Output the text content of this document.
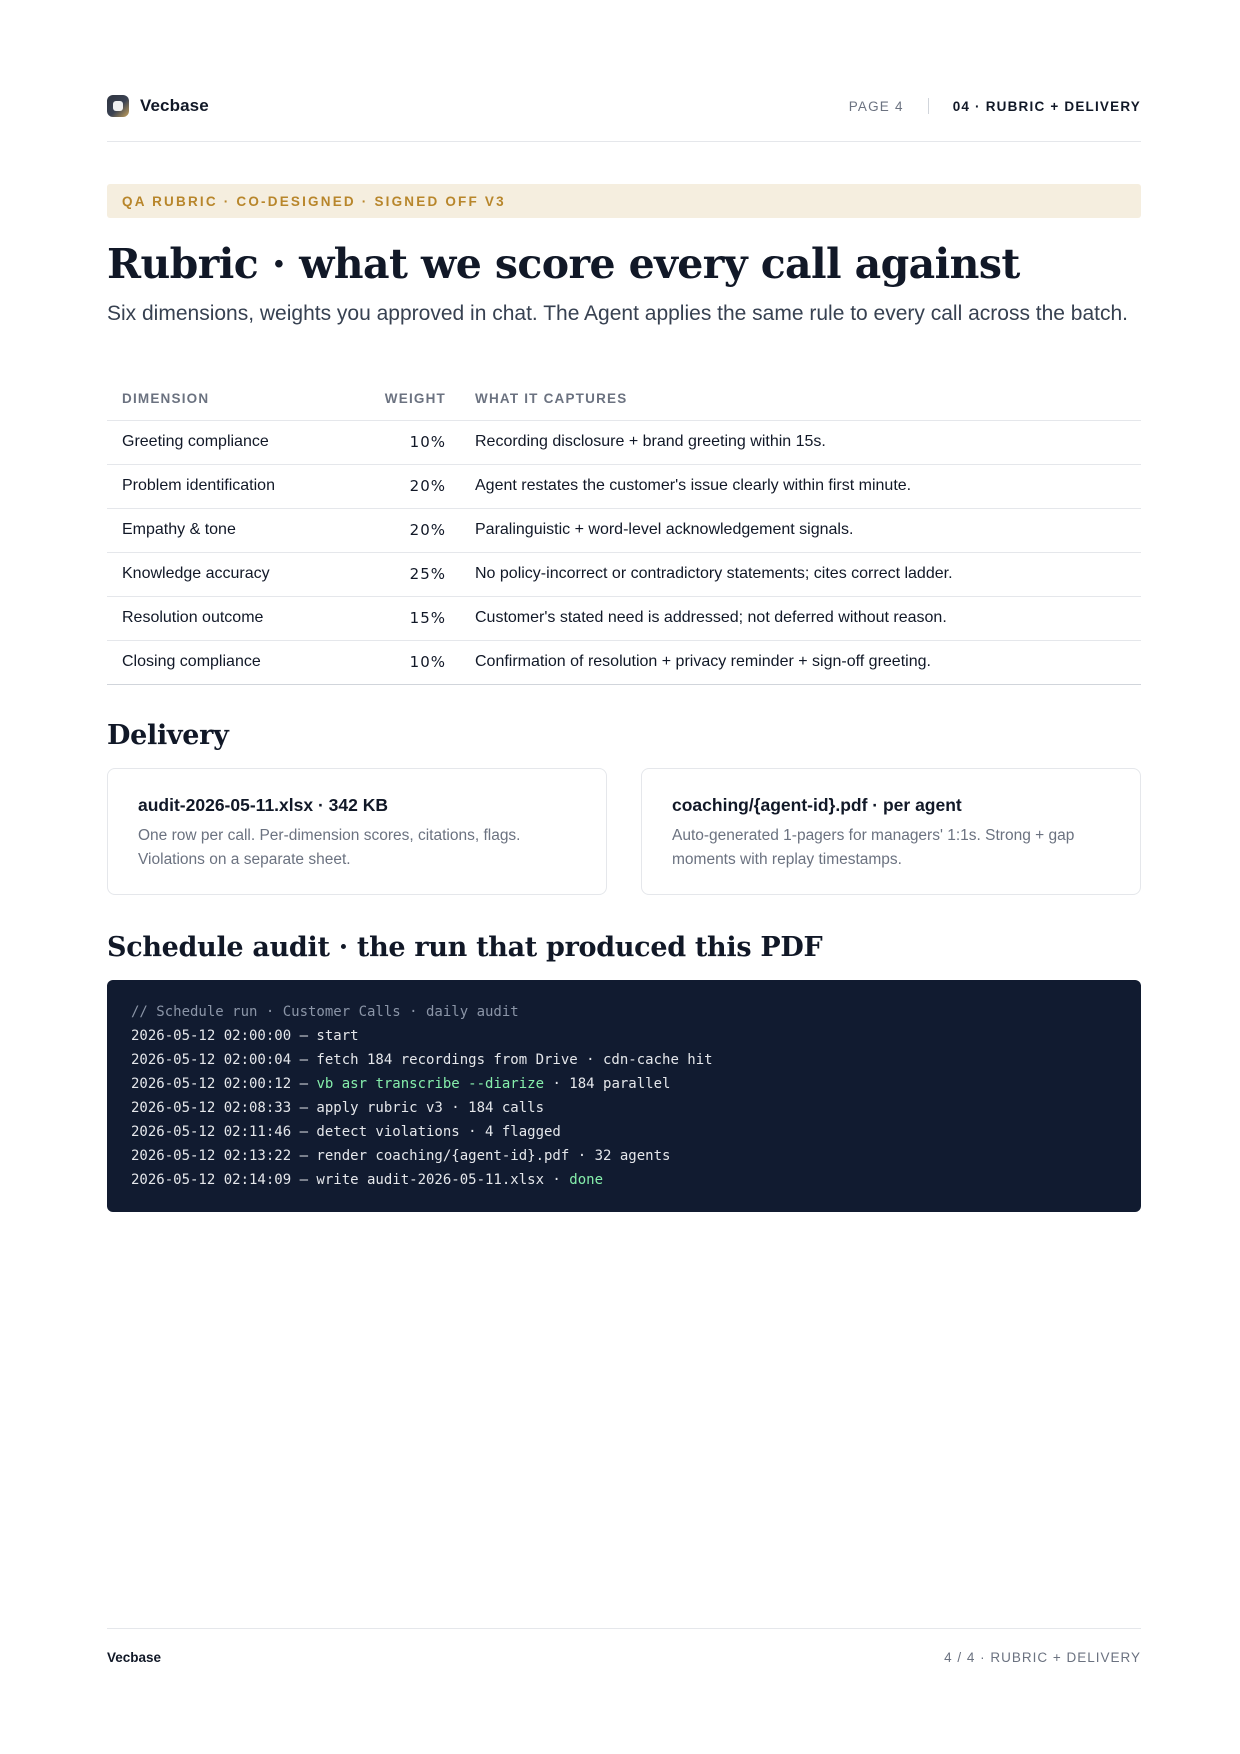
Vecbase	PAGE 4	04 · RUBRIC + DELIVERY
QA RUBRIC · CO-DESIGNED · SIGNED OFF V3
Rubric · what we score every call against

Six dimensions, weights you approved in chat. The Agent applies the same rule to every call across the batch.

DIMENSION	WEIGHT	WHAT IT CAPTURES
Greeting compliance	10%	Recording disclosure + brand greeting within 15s.
Problem identification	20%	Agent restates the customer's issue clearly within first minute.
Empathy & tone	20%	Paralinguistic + word-level acknowledgement signals.
Knowledge accuracy	25%	No policy-incorrect or contradictory statements; cites correct ladder.
Resolution outcome	15%	Customer's stated need is addressed; not deferred without reason.
Closing compliance	10%	Confirmation of resolution + privacy reminder + sign-off greeting.
Delivery
audit-2026-05-11.xlsx · 342 KB
One row per call. Per-dimension scores, citations, flags. Violations on a separate sheet.
coaching/{agent-id}.pdf · per agent
Auto-generated 1-pagers for managers' 1:1s. Strong + gap moments with replay timestamps.
Schedule audit · the run that produced this PDF
// Schedule run · Customer Calls · daily audit
2026-05-12 02:00:00 — start
2026-05-12 02:00:04 — fetch 184 recordings from Drive · cdn-cache hit
2026-05-12 02:00:12 — vb asr transcribe --diarize · 184 parallel
2026-05-12 02:08:33 — apply rubric v3 · 184 calls
2026-05-12 02:11:46 — detect violations · 4 flagged
2026-05-12 02:13:22 — render coaching/{agent-id}.pdf · 32 agents
2026-05-12 02:14:09 — write audit-2026-05-11.xlsx · done
Vecbase	4 / 4 · RUBRIC + DELIVERY
